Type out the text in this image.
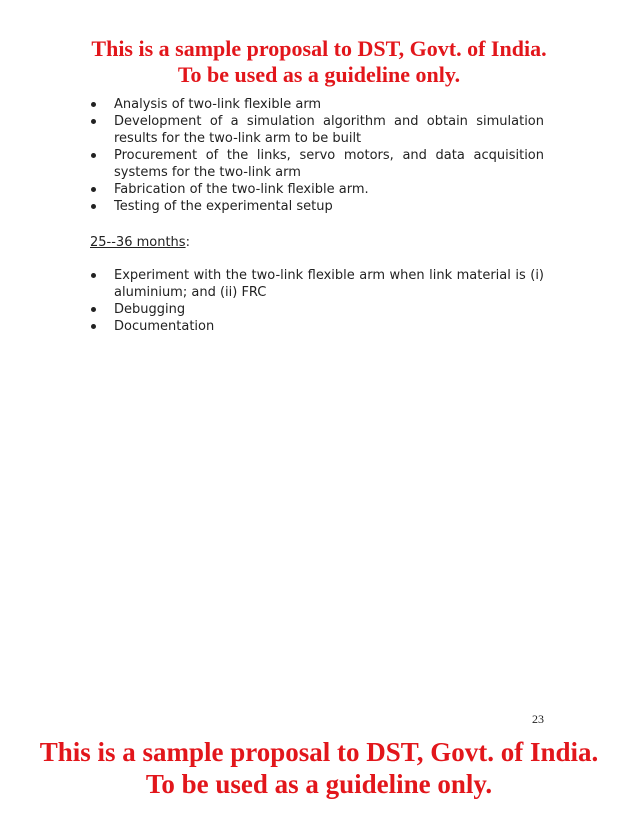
This is a sample proposal to DST, Govt. of India.
To be used as a guideline only.
Analysis of two-link flexible arm
Development of a simulation algorithm and obtain simulation results for the two-link arm to be built
Procurement of the links, servo motors, and data acquisition systems for the two-link arm
Fabrication of the two-link flexible arm.
Testing of the experimental setup
25--36 months:
Experiment with the two-link flexible arm when link material is (i) aluminium; and (ii) FRC
Debugging
Documentation
23
This is a sample proposal to DST, Govt. of India.
To be used as a guideline only.
